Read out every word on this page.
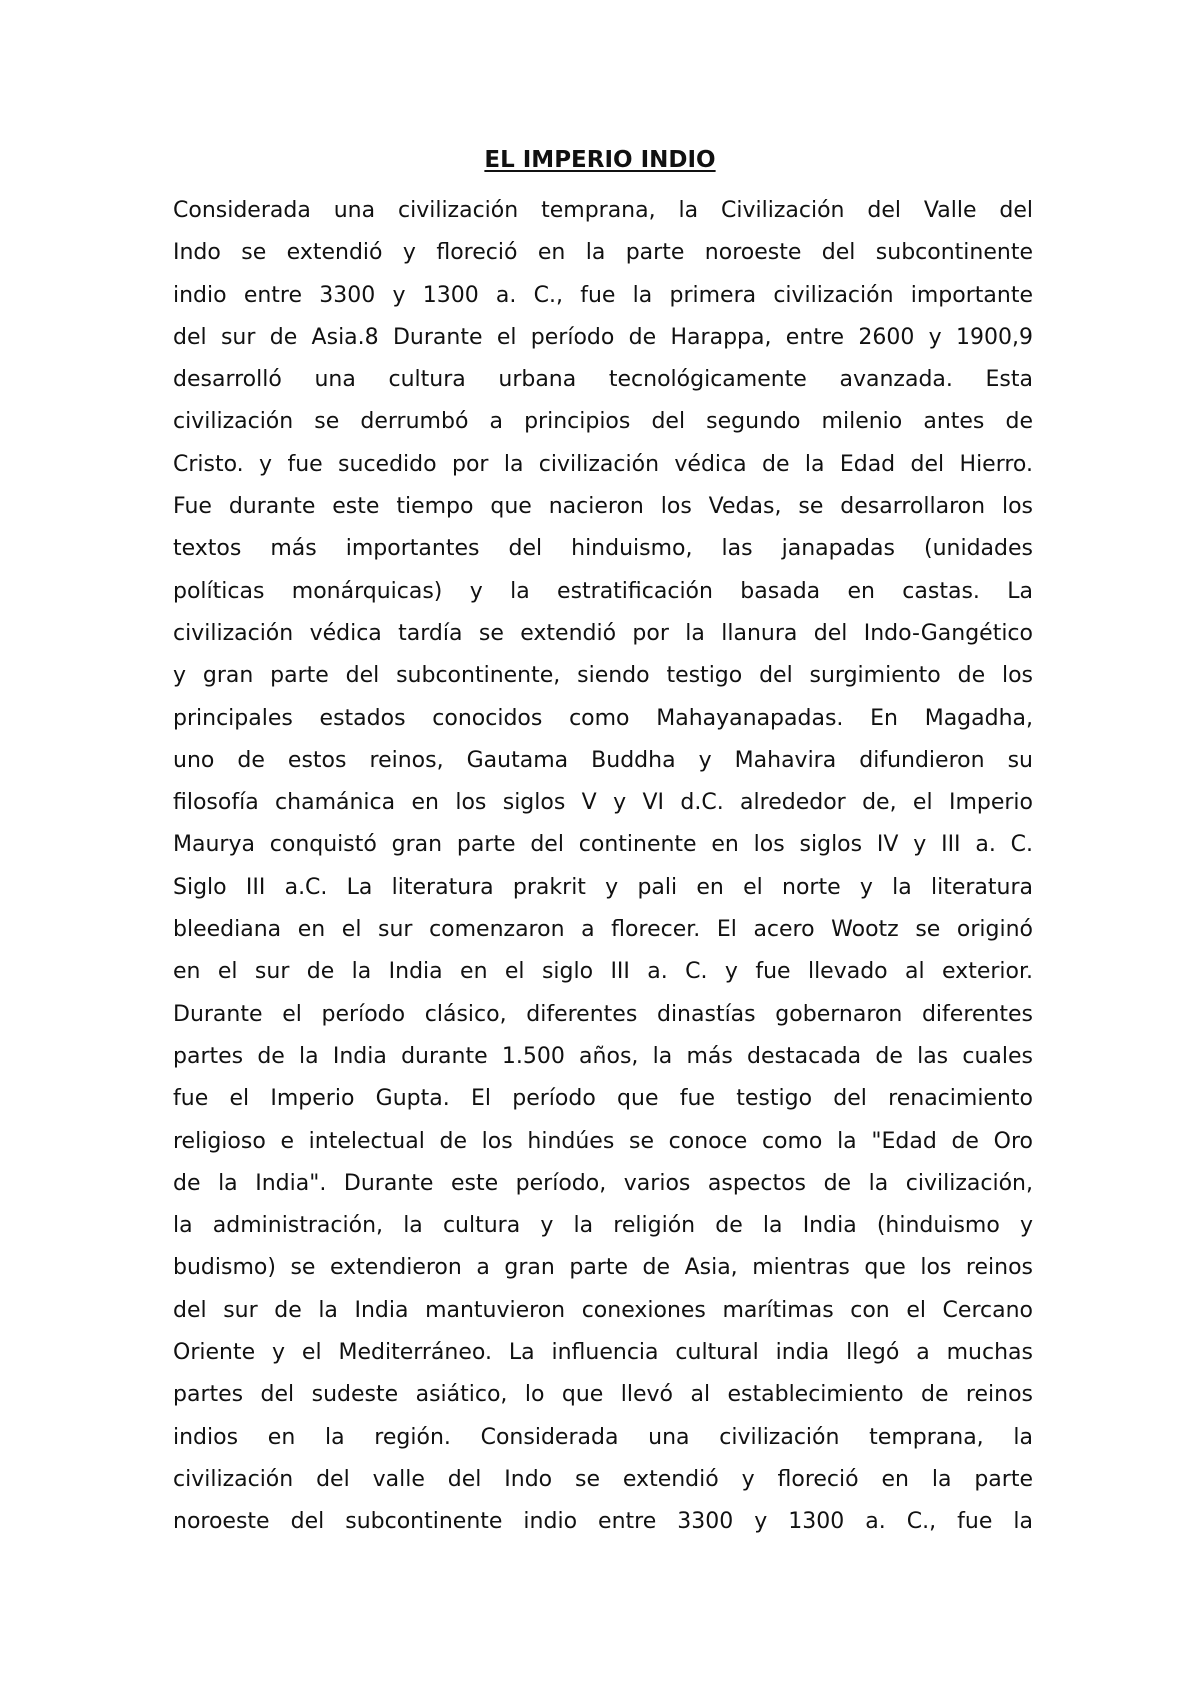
EL IMPERIO INDIO
Considerada una civilización temprana, la Civilización del Valle del
Indo se extendió y floreció en la parte noroeste del subcontinente
indio entre 3300 y 1300 a. C., fue la primera civilización importante
del sur de Asia.8 Durante el período de Harappa, entre 2600 y 1900,9
desarrolló una cultura urbana tecnológicamente avanzada. Esta
civilización se derrumbó a principios del segundo milenio antes de
Cristo. y fue sucedido por la civilización védica de la Edad del Hierro.
Fue durante este tiempo que nacieron los Vedas, se desarrollaron los
textos más importantes del hinduismo, las janapadas (unidades
políticas monárquicas) y la estratificación basada en castas. La
civilización védica tardía se extendió por la llanura del Indo-Gangético
y gran parte del subcontinente, siendo testigo del surgimiento de los
principales estados conocidos como Mahayanapadas. En Magadha,
uno de estos reinos, Gautama Buddha y Mahavira difundieron su
filosofía chamánica en los siglos V y VI d.C. alrededor de, el Imperio
Maurya conquistó gran parte del continente en los siglos IV y III a. C.
Siglo III a.C. La literatura prakrit y pali en el norte y la literatura
bleediana en el sur comenzaron a florecer. El acero Wootz se originó
en el sur de la India en el siglo III a. C. y fue llevado al exterior.
Durante el período clásico, diferentes dinastías gobernaron diferentes
partes de la India durante 1.500 años, la más destacada de las cuales
fue el Imperio Gupta. El período que fue testigo del renacimiento
religioso e intelectual de los hindúes se conoce como la "Edad de Oro
de la India". Durante este período, varios aspectos de la civilización,
la administración, la cultura y la religión de la India (hinduismo y
budismo) se extendieron a gran parte de Asia, mientras que los reinos
del sur de la India mantuvieron conexiones marítimas con el Cercano
Oriente y el Mediterráneo. La influencia cultural india llegó a muchas
partes del sudeste asiático, lo que llevó al establecimiento de reinos
indios en la región. Considerada una civilización temprana, la
civilización del valle del Indo se extendió y floreció en la parte
noroeste del subcontinente indio entre 3300 y 1300 a. C., fue la
